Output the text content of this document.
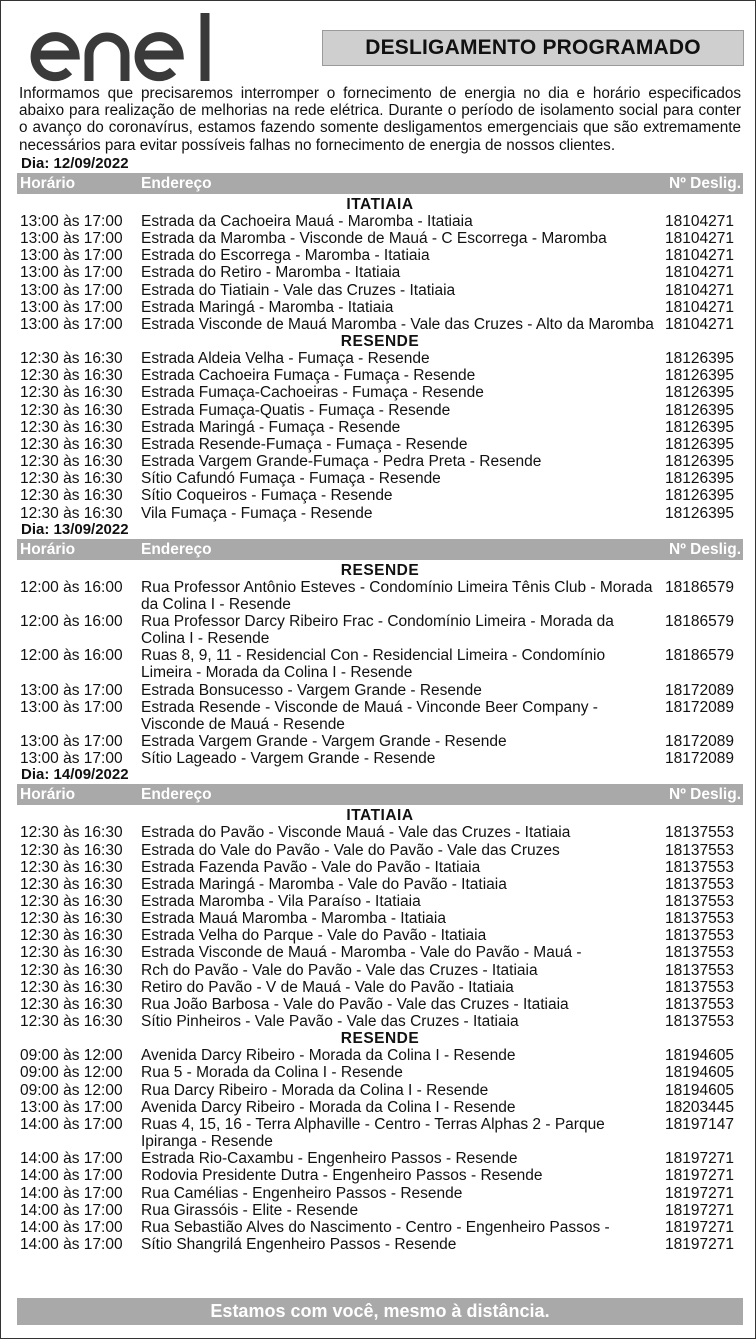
DESLIGAMENTO PROGRAMADO
Informamos que precisaremos interromper o fornecimento de energia no dia e horário especificados abaixo para realização de melhorias na rede elétrica. Durante o período de isolamento social para conter o avanço do coronavírus, estamos fazendo somente desligamentos emergenciais que são extremamente necessários para evitar possíveis falhas no fornecimento de energia de nossos clientes.
Dia: 12/09/2022
Horário	Endereço	Nº Deslig.
ITATIAIA
13:00 às 17:00	Estrada da Cachoeira Mauá - Maromba - Itatiaia	18104271
13:00 às 17:00	Estrada da Maromba - Visconde de Mauá - C Escorrega - Maromba	18104271
13:00 às 17:00	Estrada do Escorrega - Maromba - Itatiaia	18104271
13:00 às 17:00	Estrada do Retiro - Maromba - Itatiaia	18104271
13:00 às 17:00	Estrada do Tiatiain - Vale das Cruzes - Itatiaia	18104271
13:00 às 17:00	Estrada Maringá - Maromba - Itatiaia	18104271
13:00 às 17:00	Estrada Visconde de Mauá Maromba - Vale das Cruzes - Alto da Maromba 18104271
RESENDE
12:30 às 16:30	Estrada Aldeia Velha - Fumaça - Resende	18126395
12:30 às 16:30	Estrada Cachoeira Fumaça - Fumaça - Resende	18126395
12:30 às 16:30	Estrada Fumaça-Cachoeiras - Fumaça - Resende	18126395
12:30 às 16:30	Estrada Fumaça-Quatis - Fumaça - Resende	18126395
12:30 às 16:30	Estrada Maringá - Fumaça - Resende	18126395
12:30 às 16:30	Estrada Resende-Fumaça - Fumaça - Resende	18126395
12:30 às 16:30	Estrada Vargem Grande-Fumaça - Pedra Preta - Resende	18126395
12:30 às 16:30	Sítio Cafundó Fumaça - Fumaça - Resende	18126395
12:30 às 16:30	Sítio Coqueiros - Fumaça - Resende	18126395
12:30 às 16:30	Vila Fumaça - Fumaça - Resende	18126395
Dia: 13/09/2022
Horário	Endereço	Nº Deslig.
RESENDE
12:00 às 16:00	Rua Professor Antônio Esteves - Condomínio Limeira Tênis Club - Morada da Colina I - Resende
18186579
12:00 às 16:00	Rua Professor Darcy Ribeiro Frac - Condomínio Limeira - Morada da Colina I - Resende
18186579
12:00 às 16:00	Ruas 8, 9, 11 - Residencial Con - Residencial Limeira - Condomínio Limeira - Morada da Colina I - Resende
18186579
13:00 às 17:00	Estrada Bonsucesso - Vargem Grande - Resende	18172089
13:00 às 17:00	Estrada Resende - Visconde de Mauá - Vinconde Beer Company - Visconde de Mauá - Resende
18172089
13:00 às 17:00	Estrada Vargem Grande - Vargem Grande - Resende	18172089
13:00 às 17:00	Sítio Lageado - Vargem Grande - Resende	18172089
Dia: 14/09/2022
Horário	Endereço	Nº Deslig.
ITATIAIA
12:30 às 16:30	Estrada do Pavão - Visconde Mauá - Vale das Cruzes - Itatiaia	18137553
12:30 às 16:30	Estrada do Vale do Pavão - Vale do Pavão - Vale das Cruzes	18137553
12:30 às 16:30	Estrada Fazenda Pavão - Vale do Pavão - Itatiaia	18137553
12:30 às 16:30	Estrada Maringá - Maromba - Vale do Pavão - Itatiaia	18137553
12:30 às 16:30	Estrada Maromba - Vila Paraíso - Itatiaia	18137553
12:30 às 16:30	Estrada Mauá Maromba - Maromba - Itatiaia	18137553
12:30 às 16:30	Estrada Velha do Parque - Vale do Pavão - Itatiaia	18137553
12:30 às 16:30	Estrada Visconde de Mauá - Maromba - Vale do Pavão - Mauá -	18137553
12:30 às 16:30	Rch do Pavão - Vale do Pavão - Vale das Cruzes - Itatiaia	18137553
12:30 às 16:30	Retiro do Pavão - V de Mauá - Vale do Pavão - Itatiaia	18137553
12:30 às 16:30	Rua João Barbosa - Vale do Pavão - Vale das Cruzes - Itatiaia	18137553
12:30 às 16:30	Sítio Pinheiros - Vale Pavão - Vale das Cruzes - Itatiaia	18137553
RESENDE
09:00 às 12:00	Avenida Darcy Ribeiro - Morada da Colina I - Resende	18194605
09:00 às 12:00	Rua 5 - Morada da Colina I - Resende	18194605
09:00 às 12:00	Rua Darcy Ribeiro - Morada da Colina I - Resende	18194605
13:00 às 17:00	Avenida Darcy Ribeiro - Morada da Colina I - Resende	18203445
14:00 às 17:00	Ruas 4, 15, 16 - Terra Alphaville - Centro - Terras Alphas 2 - Parque Ipiranga - Resende
18197147
14:00 às 17:00	Estrada Rio-Caxambu - Engenheiro Passos - Resende	18197271
14:00 às 17:00	Rodovia Presidente Dutra - Engenheiro Passos - Resende	18197271
14:00 às 17:00	Rua Camélias - Engenheiro Passos - Resende	18197271
14:00 às 17:00	Rua Girassóis - Elite - Resende	18197271
14:00 às 17:00	Rua Sebastião Alves do Nascimento - Centro - Engenheiro Passos -	18197271
14:00 às 17:00	Sítio Shangrilá Engenheiro Passos - Resende	18197271
Estamos com você, mesmo à distância.
